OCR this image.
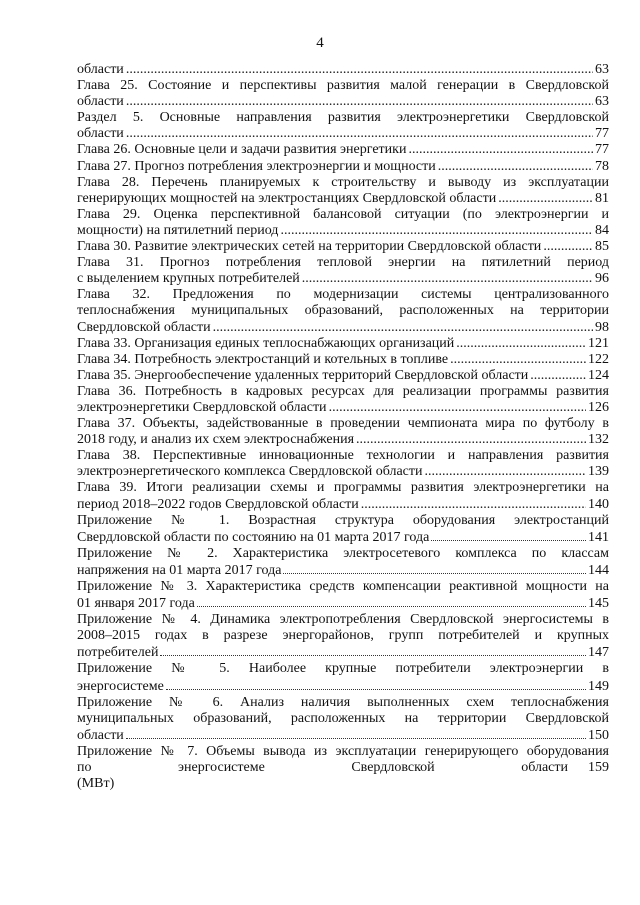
4
области .....	63
Глава 25. Состояние и перспективы развития малой генерации в Свердловской
области .....	63
Раздел 5. Основные направления развития электроэнергетики Свердловской
области .....	77
Глава 26. Основные цели и задачи развития энергетики .....	77
Глава 27. Прогноз потребления электроэнергии и мощности .....	78
Глава 28. Перечень планируемых к строительству и выводу из эксплуатации
генерирующих мощностей на электростанциях Свердловской области .....	81
Глава 29. Оценка перспективной балансовой ситуации (по электроэнергии и
мощности) на пятилетний период .....	84
Глава 30. Развитие электрических сетей на территории Свердловской области .....	85
Глава 31. Прогноз потребления тепловой энергии на пятилетний период
с выделением крупных потребителей .....	96
Глава 32. Предложения по модернизации системы централизованного
теплоснабжения муниципальных образований, расположенных на территории
Свердловской области .....	98
Глава 33. Организация единых теплоснабжающих организаций .....	121
Глава 34. Потребность электростанций и котельных в топливе .....	122
Глава 35. Энергообеспечение удаленных территорий Свердловской области .....	124
Глава 36. Потребность в кадровых ресурсах для реализации программы развития
электроэнергетики Свердловской области .....	126
Глава 37. Объекты, задействованные в проведении чемпионата мира по футболу в
2018 году, и анализ их схем электроснабжения .....	132
Глава 38. Перспективные инновационные технологии и направления развития
электроэнергетического комплекса Свердловской области .....	139
Глава 39. Итоги реализации схемы и программы развития электроэнергетики на
период 2018–2022 годов Свердловской области .....	140
Приложение № 1. Возрастная структура оборудования электростанций
Свердловской области по состоянию на 01 марта 2017 года	141
Приложение № 2. Характеристика электросетевого комплекса по классам
напряжения на 01 марта 2017 года	144
Приложение № 3. Характеристика средств компенсации реактивной мощности на
01 января 2017 года	145
Приложение № 4. Динамика электропотребления Свердловской энергосистемы в
2008–2015 годах в разрезе энергорайонов, групп потребителей и крупных
потребителей	147
Приложение № 5. Наиболее крупные потребители электроэнергии в
энергосистеме	149
Приложение № 6. Анализ наличия выполненных схем теплоснабжения
муниципальных образований, расположенных на территории Свердловской
области	150
Приложение № 7. Объемы вывода из эксплуатации генерирующего оборудования
по энергосистеме Свердловской области	159
(МВт)
